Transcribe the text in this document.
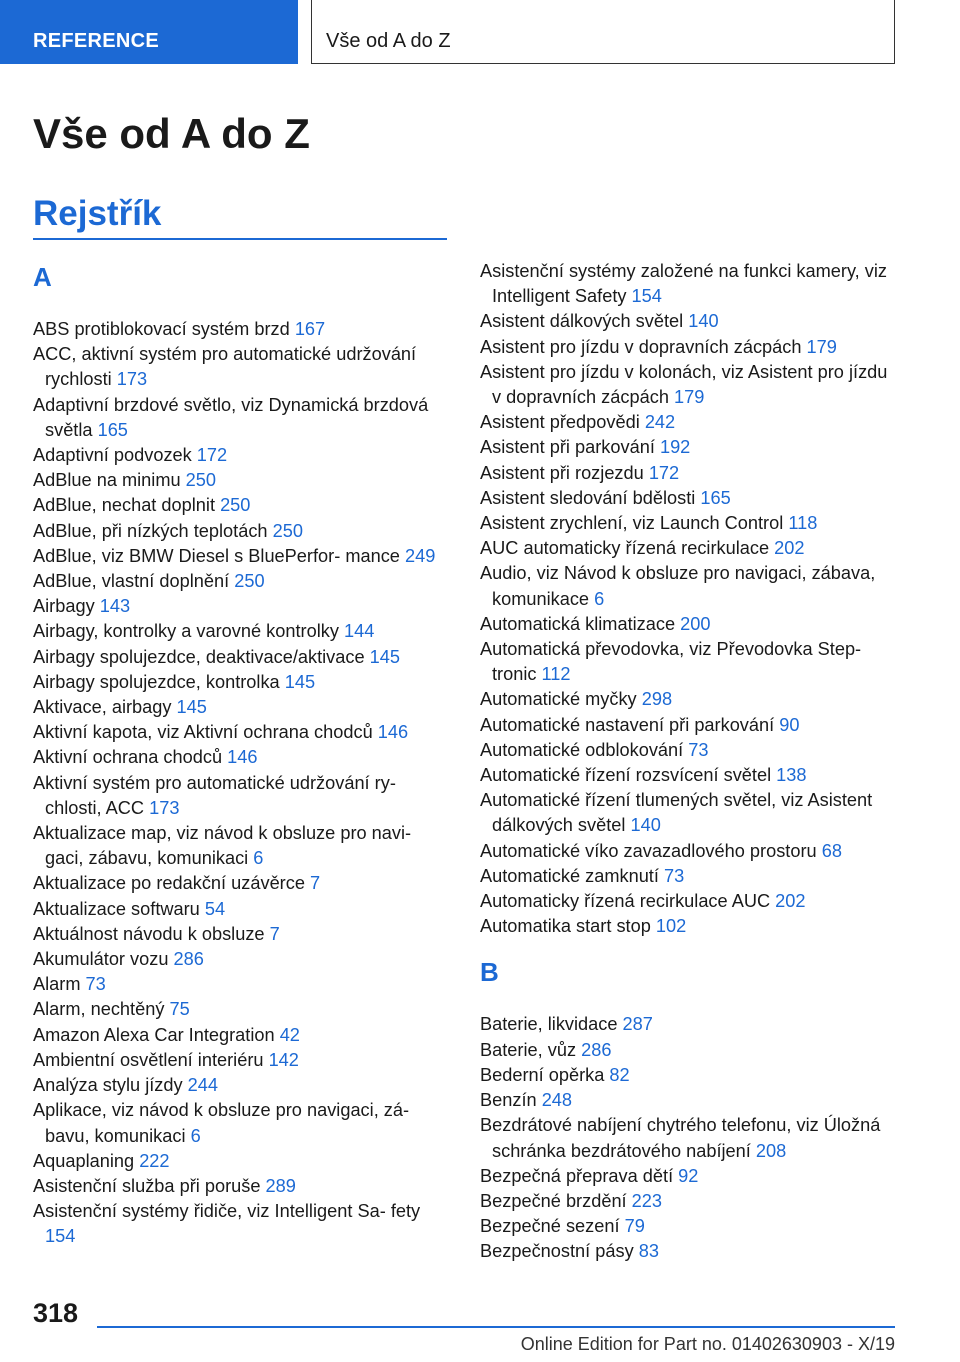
REFERENCE	Vše od A do Z
Vše od A do Z
Rejstřík
A
ABS protiblokovací systém brzd 167
ACC, aktivní systém pro automatické udržování rychlosti 173
Adaptivní brzdové světlo, viz Dynamická brzdová světla 165
Adaptivní podvozek 172
AdBlue na minimu 250
AdBlue, nechat doplnit 250
AdBlue, při nízkých teplotách 250
AdBlue, viz BMW Diesel s BluePerfor‐ mance 249
AdBlue, vlastní doplnění 250
Airbagy 143
Airbagy, kontrolky a varovné kontrolky 144
Airbagy spolujezdce, deaktivace/aktivace 145
Airbagy spolujezdce, kontrolka 145
Aktivace, airbagy 145
Aktivní kapota, viz Aktivní ochrana chodců 146
Aktivní ochrana chodců 146
Aktivní systém pro automatické udržování ry‐ chlosti, ACC 173
Aktualizace map, viz návod k obsluze pro navi‐ gaci, zábavu, komunikaci 6
Aktualizace po redakční uzávěrce 7
Aktualizace softwaru 54
Aktuálnost návodu k obsluze 7
Akumulátor vozu 286
Alarm 73
Alarm, nechtěný 75
Amazon Alexa Car Integration 42
Ambientní osvětlení interiéru 142
Analýza stylu jízdy 244
Aplikace, viz návod k obsluze pro navigaci, zá‐ bavu, komunikaci 6
Aquaplaning 222
Asistenční služba při poruše 289
Asistenční systémy řidiče, viz Intelligent Sa‐ fety 154
Asistenční systémy založené na funkci kamery, viz Intelligent Safety 154
Asistent dálkových světel 140
Asistent pro jízdu v dopravních zácpách 179
Asistent pro jízdu v kolonách, viz Asistent pro jízdu v dopravních zácpách 179
Asistent předpovědi 242
Asistent při parkování 192
Asistent při rozjezdu 172
Asistent sledování bdělosti 165
Asistent zrychlení, viz Launch Control 118
AUC automaticky řízená recirkulace 202
Audio, viz Návod k obsluze pro navigaci, zábava, komunikace 6
Automatická klimatizace 200
Automatická převodovka, viz Převodovka Step‐ tronic 112
Automatické myčky 298
Automatické nastavení při parkování 90
Automatické odblokování 73
Automatické řízení rozsvícení světel 138
Automatické řízení tlumených světel, viz Asistent dálkových světel 140
Automatické víko zavazadlového prostoru 68
Automatické zamknutí 73
Automaticky řízená recirkulace AUC 202
Automatika start stop 102
B
Baterie, likvidace 287
Baterie, vůz 286
Bederní opěrka 82
Benzín 248
Bezdrátové nabíjení chytrého telefonu, viz Úložná schránka bezdrátového nabíjení 208
Bezpečná přeprava dětí 92
Bezpečné brzdění 223
Bezpečné sezení 79
Bezpečnostní pásy 83
318
Online Edition for Part no. 01402630903 - X/19
